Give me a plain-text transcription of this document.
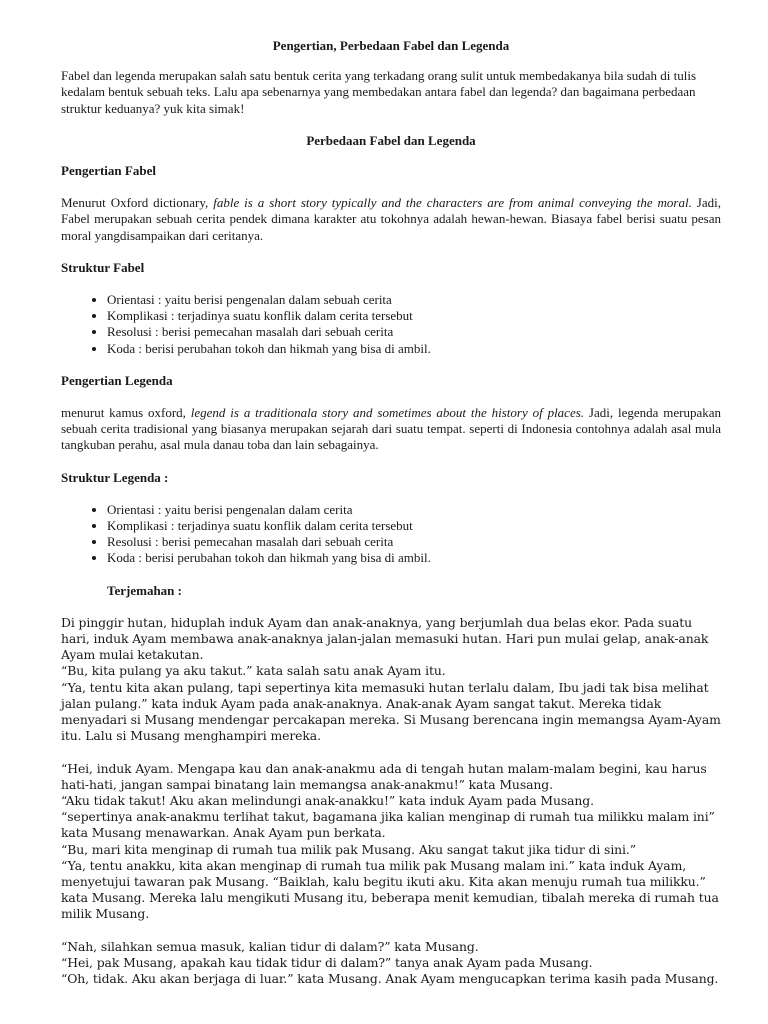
Pengertian, Perbedaan Fabel dan Legenda

Fabel dan legenda merupakan salah satu bentuk cerita yang terkadang orang sulit untuk membedakanya bila sudah di tulis kedalam bentuk sebuah teks. Lalu apa sebenarnya yang membedakan antara fabel dan legenda? dan bagaimana perbedaan struktur keduanya? yuk kita simak!

Perbedaan Fabel dan Legenda

Pengertian Fabel

Menurut Oxford dictionary, fable is a short story typically and the characters are from animal conveying the moral. Jadi, Fabel merupakan sebuah cerita pendek dimana karakter atu tokohnya adalah hewan-hewan. Biasaya fabel berisi suatu pesan moral yangdisampaikan dari ceritanya.

Struktur Fabel
• Orientasi : yaitu berisi pengenalan dalam sebuah cerita
• Komplikasi : terjadinya suatu konflik dalam cerita tersebut
• Resolusi : berisi pemecahan masalah dari sebuah cerita
• Koda : berisi perubahan tokoh dan hikmah yang bisa di ambil.
Pengertian Legenda

menurut kamus oxford, legend is a traditionala story and sometimes about the history of places. Jadi, legenda merupakan sebuah cerita tradisional yang biasanya merupakan sejarah dari suatu tempat. seperti di Indonesia contohnya adalah asal mula tangkuban perahu, asal mula danau toba dan lain sebagainya.

Struktur Legenda :
• Orientasi : yaitu berisi pengenalan dalam cerita
• Komplikasi : terjadinya suatu konflik dalam cerita tersebut
• Resolusi : berisi pemecahan masalah dari sebuah cerita
• Koda : berisi perubahan tokoh dan hikmah yang bisa di ambil.
Terjemahan :

Di pinggir hutan, hiduplah induk Ayam dan anak-anaknya, yang berjumlah dua belas ekor. Pada suatu hari, induk Ayam membawa anak-anaknya jalan-jalan memasuki hutan. Hari pun mulai gelap, anak-anak Ayam mulai ketakutan.

“Bu, kita pulang ya aku takut.” kata salah satu anak Ayam itu.

“Ya, tentu kita akan pulang, tapi sepertinya kita memasuki hutan terlalu dalam, Ibu jadi tak bisa melihat jalan pulang.” kata induk Ayam pada anak-anaknya. Anak-anak Ayam sangat takut. Mereka tidak menyadari si Musang mendengar percakapan mereka. Si Musang berencana ingin memangsa Ayam-Ayam itu. Lalu si Musang menghampiri mereka.

“Hei, induk Ayam. Mengapa kau dan anak-anakmu ada di tengah hutan malam-malam begini, kau harus hati-hati, jangan sampai binatang lain memangsa anak-anakmu!” kata Musang.

“Aku tidak takut! Aku akan melindungi anak-anakku!” kata induk Ayam pada Musang.

“sepertinya anak-anakmu terlihat takut, bagamana jika kalian menginap di rumah tua milikku malam ini” kata Musang menawarkan. Anak Ayam pun berkata.

“Bu, mari kita menginap di rumah tua milik pak Musang. Aku sangat takut jika tidur di sini.”

“Ya, tentu anakku, kita akan menginap di rumah tua milik pak Musang malam ini.” kata induk Ayam, menyetujui tawaran pak Musang. “Baiklah, kalu begitu ikuti aku. Kita akan menuju rumah tua milikku.” kata Musang. Mereka lalu mengikuti Musang itu, beberapa menit kemudian, tibalah mereka di rumah tua milik Musang.

“Nah, silahkan semua masuk, kalian tidur di dalam?” kata Musang.

“Hei, pak Musang, apakah kau tidak tidur di dalam?” tanya anak Ayam pada Musang.

“Oh, tidak. Aku akan berjaga di luar.” kata Musang. Anak Ayam mengucapkan terima kasih pada Musang.
